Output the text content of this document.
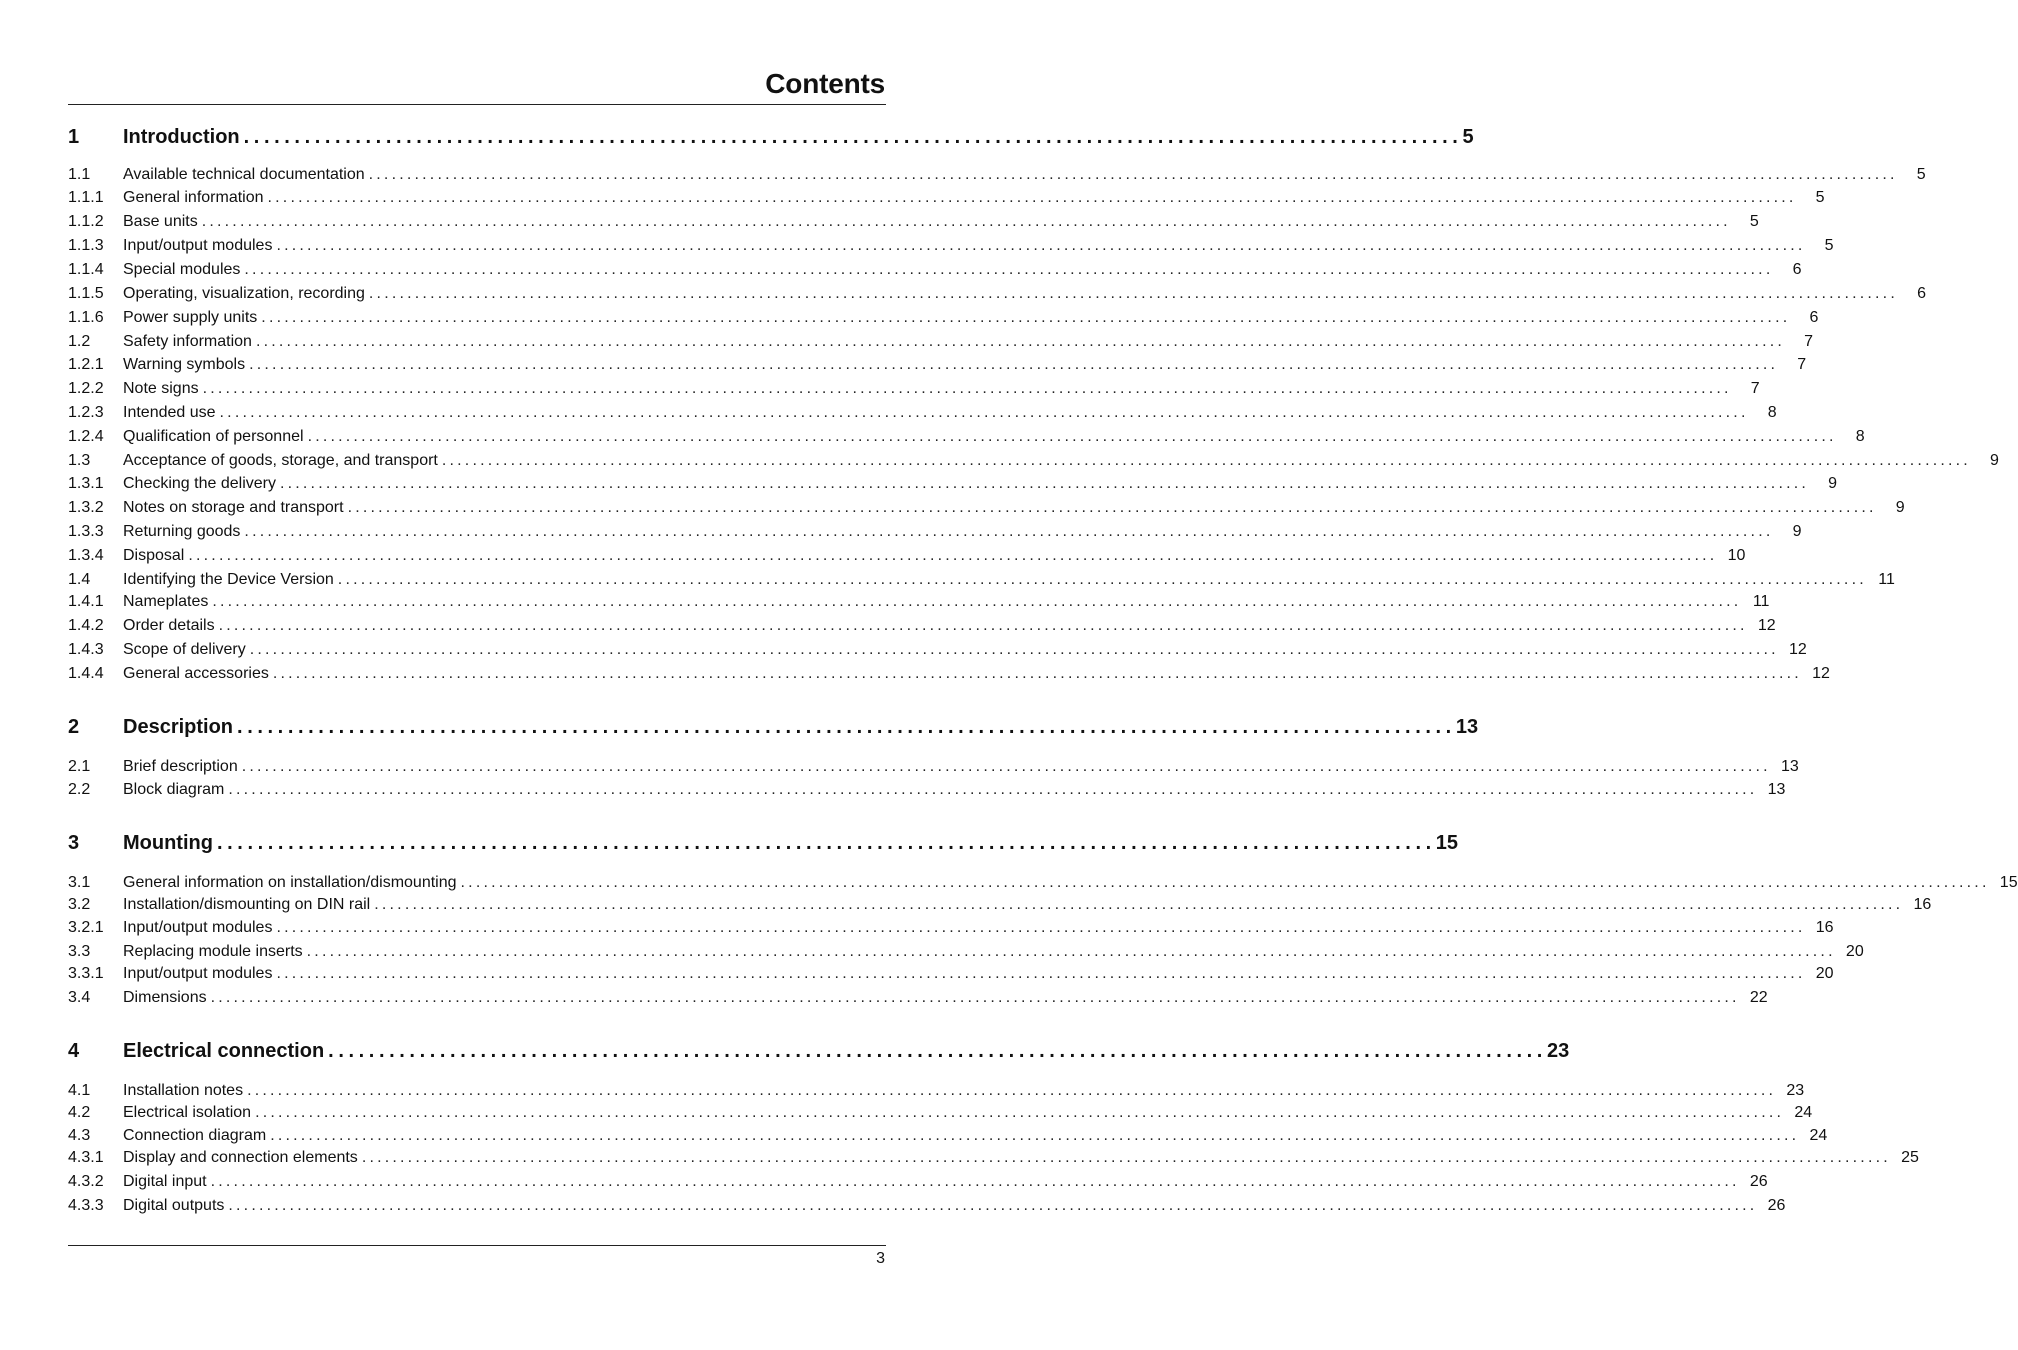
Contents
1	Introduction ........................................................................................................................ 5
1.1	Available technical documentation ........................................................................................................................................................................................................	5
1.1.1	General information ........................................................................................................................................................................................................	5
1.1.2	Base units ........................................................................................................................................................................................................	5
1.1.3	Input/output modules ........................................................................................................................................................................................................	5
1.1.4	Special modules ........................................................................................................................................................................................................	6
1.1.5	Operating, visualization, recording ........................................................................................................................................................................................................	6
1.1.6	Power supply units ........................................................................................................................................................................................................	6
1.2	Safety information ........................................................................................................................................................................................................	7
1.2.1	Warning symbols ........................................................................................................................................................................................................	7
1.2.2	Note signs ........................................................................................................................................................................................................	7
1.2.3	Intended use ........................................................................................................................................................................................................	8
1.2.4	Qualification of personnel ........................................................................................................................................................................................................	8
1.3	Acceptance of goods, storage, and transport ........................................................................................................................................................................................................	9
1.3.1	Checking the delivery ........................................................................................................................................................................................................	9
1.3.2	Notes on storage and transport ........................................................................................................................................................................................................	9
1.3.3	Returning goods ........................................................................................................................................................................................................	9
1.3.4	Disposal ........................................................................................................................................................................................................ 10
1.4	Identifying the Device Version ........................................................................................................................................................................................................ 11
1.4.1	Nameplates ........................................................................................................................................................................................................ 11
1.4.2	Order details ........................................................................................................................................................................................................ 12
1.4.3	Scope of delivery ........................................................................................................................................................................................................ 12
1.4.4	General accessories ........................................................................................................................................................................................................ 12
2	Description ........................................................................................................................ 13
2.1	Brief description ........................................................................................................................................................................................................ 13
2.2	Block diagram ........................................................................................................................................................................................................ 13
3	Mounting ........................................................................................................................ 15
3.1	General information on installation/dismounting ........................................................................................................................................................................................................ 15
3.2	Installation/dismounting on DIN rail ........................................................................................................................................................................................................ 16
3.2.1	Input/output modules ........................................................................................................................................................................................................ 16
3.3	Replacing module inserts ........................................................................................................................................................................................................ 20
3.3.1	Input/output modules ........................................................................................................................................................................................................ 20
3.4	Dimensions ........................................................................................................................................................................................................ 22
4	Electrical connection ........................................................................................................................ 23
4.1	Installation notes ........................................................................................................................................................................................................ 23
4.2	Electrical isolation ........................................................................................................................................................................................................ 24
4.3	Connection diagram ........................................................................................................................................................................................................ 24
4.3.1	Display and connection elements ........................................................................................................................................................................................................ 25
4.3.2	Digital input ........................................................................................................................................................................................................ 26
4.3.3	Digital outputs ........................................................................................................................................................................................................ 26
3
